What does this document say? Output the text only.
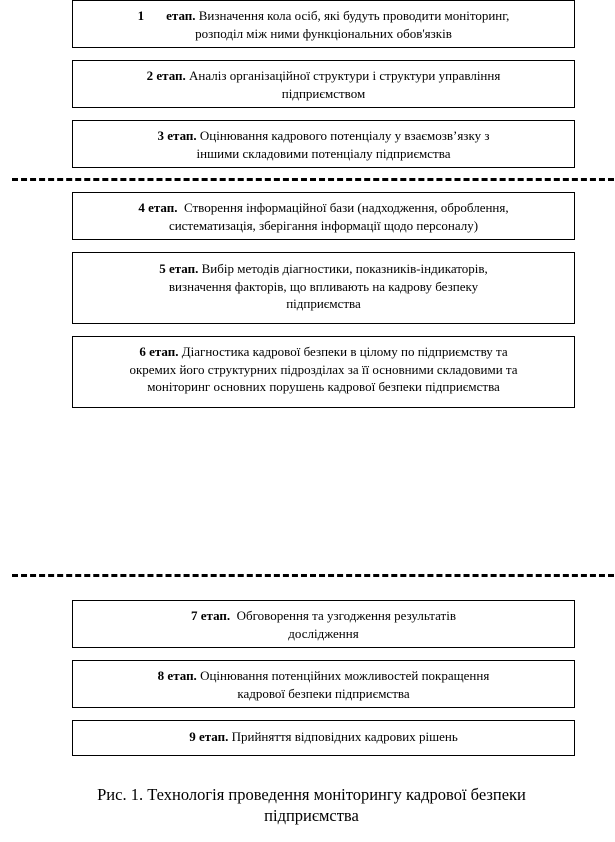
1 етап. Визначення кола осіб, які будуть проводити моніторинг,
розподіл між ними функціональних обов'язків
2 етап. Аналіз організаційної структури і структури управління
підприємством
3 етап. Оцінювання кадрового потенціалу у взаємозв’язку з
іншими складовими потенціалу підприємства
4 етап. Створення інформаційної бази (надходження, оброблення,
систематизація, зберігання інформації щодо персоналу)
5 етап. Вибір методів діагностики, показників-індикаторів,
визначення факторів, що впливають на кадрову безпеку
підприємства
6 етап. Діагностика кадрової безпеки в цілому по підприємству та
окремих його структурних підрозділах за її основними складовими та
моніторинг основних порушень кадрової безпеки підприємства
7 етап. Обговорення та узгодження результатів
дослідження
8 етап. Оцінювання потенційних можливостей покращення
кадрової безпеки підприємства
9 етап. Прийняття відповідних кадрових рішень
Рис. 1. Технологія проведення моніторингу кадрової безпеки
підприємства
